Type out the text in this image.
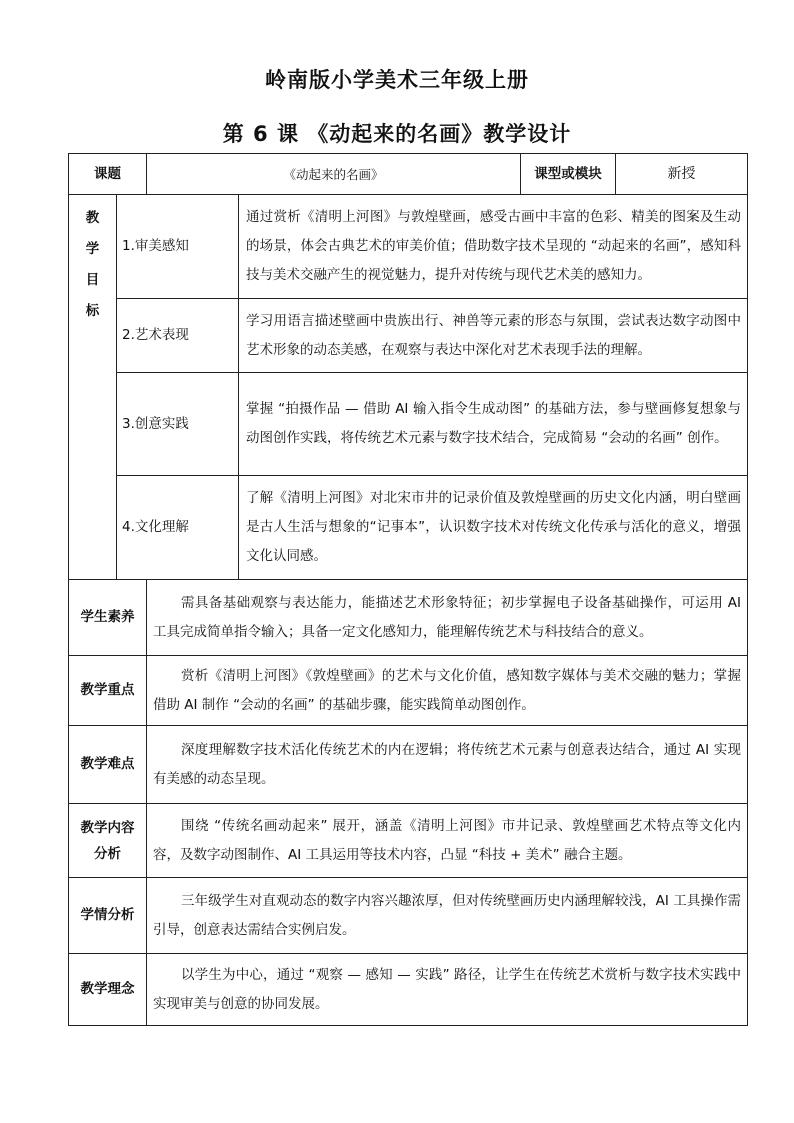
岭南版小学美术三年级上册
第 6 课 《动起来的名画》教学设计
课题		《动起来的名画》		课型或模块	新授

教
学
目
标	1.审美感知		通过赏析《清明上河图》与敦煌壁画，感受古画中丰富的色彩、精美的图案及生动的场景，体会古典艺术的审美价值；借助数字技术呈现的 “动起来的名画”，感知科技与美术交融产生的视觉魅力，提升对传统与现代艺术美的感知力。		
	2.艺术表现		学习用语言描述壁画中贵族出行、神兽等元素的形态与氛围，尝试表达数字动图中艺术形象的动态美感，在观察与表达中深化对艺术表现手法的理解。		
	3.创意实践		掌握 “拍摄作品 — 借助 AI 输入指令生成动图” 的基础方法，参与壁画修复想象与动图创作实践，将传统艺术元素与数字技术结合，完成简易 “会动的名画” 创作。		
	4.文化理解		了解《清明上河图》对北宋市井的记录价值及敦煌壁画的历史文化内涵，明白壁画是古人生活与想象的“记事本”，认识数字技术对传统文化传承与活化的意义，增强文化认同感。		
学生素养		需具备基础观察与表达能力，能描述艺术形象特征；初步掌握电子设备基础操作，可运用 AI 工具完成简单指令输入；具备一定文化感知力，能理解传统艺术与科技结合的意义。			

教学重点		赏析《清明上河图》《敦煌壁画》的艺术与文化价值，感知数字媒体与美术交融的魅力；掌握借助 AI 制作 “会动的名画” 的基础步骤，能实践简单动图创作。			

教学难点		深度理解数字技术活化传统艺术的内在逻辑；将传统艺术元素与创意表达结合，通过 AI 实现有美感的动态呈现。			

教学内容
分析		围绕 “传统名画动起来” 展开，涵盖《清明上河图》市井记录、敦煌壁画艺术特点等文化内容，及数字动图制作、AI 工具运用等技术内容，凸显 “科技 + 美术” 融合主题。			

学情分析		三年级学生对直观动态的数字内容兴趣浓厚，但对传统壁画历史内涵理解较浅，AI 工具操作需引导，创意表达需结合实例启发。			

教学理念		以学生为中心，通过 “观察 — 感知 — 实践” 路径，让学生在传统艺术赏析与数字技术实践中实现审美与创意的协同发展。			
